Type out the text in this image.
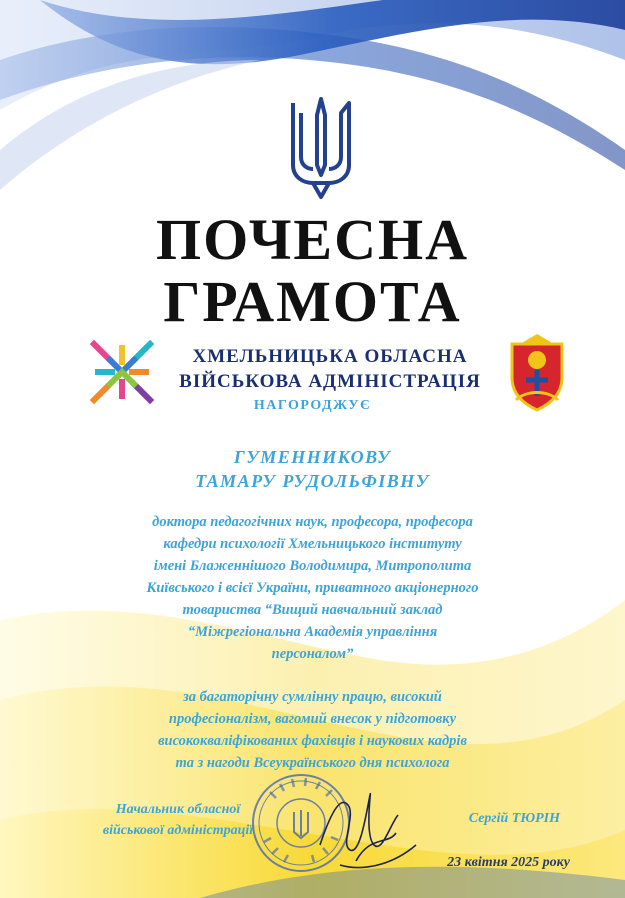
ПОЧЕСНА
ГРАМОТА
ХМЕЛЬНИЦЬКА ОБЛАСНА
ВІЙСЬКОВА АДМІНІСТРАЦІЯ
НАГОРОДЖУЄ
ГУМЕННИКОВУ
ТАМАРУ РУДОЛЬФІВНУ
доктора педагогічних наук, професора, професора
кафедри психології Хмельницького інституту
імені Блаженнішого Володимира, Митрополита
Київського і всієї України, приватного акціонерного
товариства “Вищий навчальний заклад
“Міжрегіональна Академія управління
персоналом”
за багаторічну сумлінну працю, високий
професіоналізм, вагомий внесок у підготовку
висококваліфікованих фахівців і наукових кадрів
та з нагоди Всеукраїнського дня психолога
Начальник обласної
військової адміністрації
Сергій ТЮРІН
23 квітня 2025 року
